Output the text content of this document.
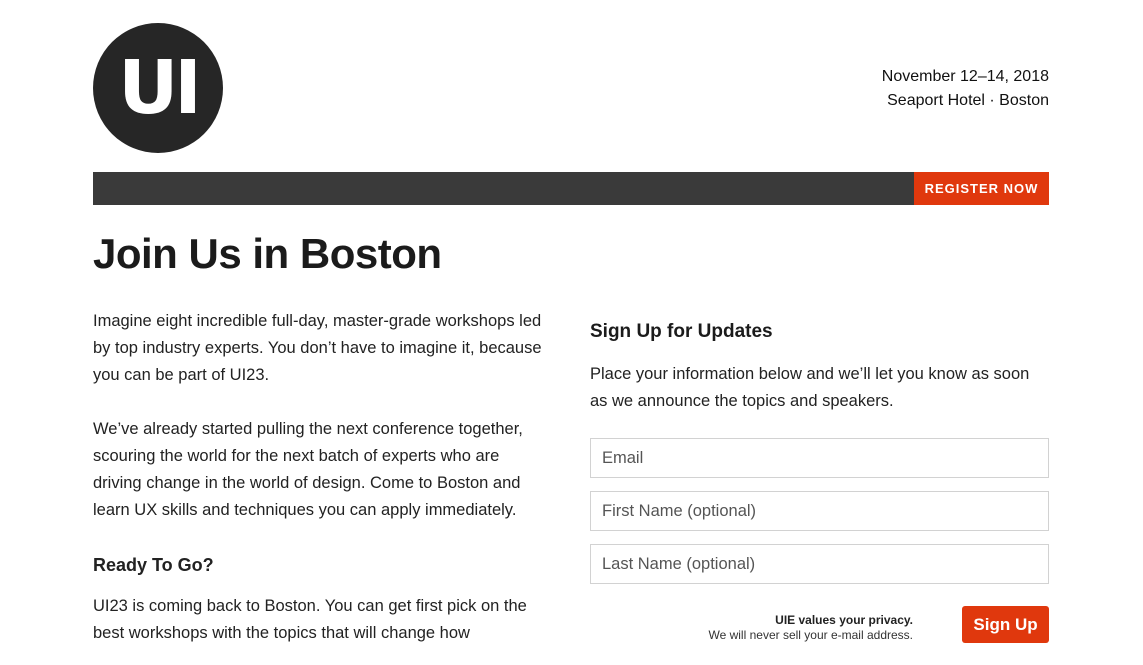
UI	November 12–14, 2018
Seaport Hotel · Boston
REGISTER NOW
Join Us in Boston

Imagine eight incredible full-day, master-grade workshops led by top industry experts. You don’t have to imagine it, because you can be part of UI23.

We’ve already started pulling the next conference together, scouring the world for the next batch of experts who are driving change in the world of design. Come to Boston and learn UX skills and techniques you can apply immediately.

Ready To Go?

UI23 is coming back to Boston. You can get first pick on the best workshops with the topics that will change how

Sign Up for Updates
Place your information below and we’ll let you know as soon as we announce the topics and speakers.
Email
First Name (optional)
Last Name (optional)
UIE values your privacy.
We will never sell your e-mail address.
Sign Up
